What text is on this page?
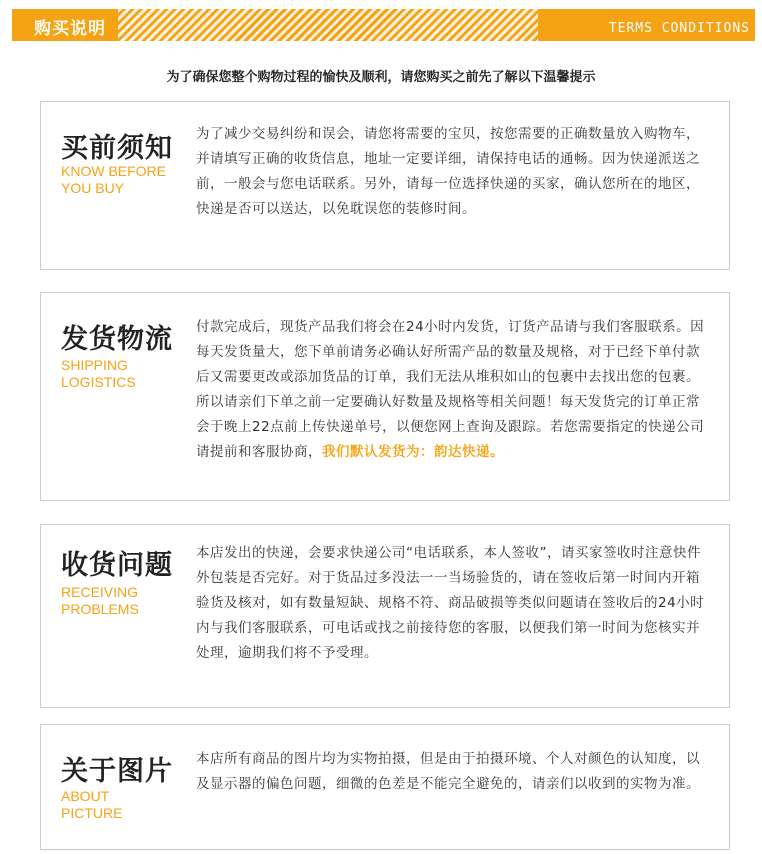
购买说明	TERMS CONDITIONS
为了确保您整个购物过程的愉快及顺利，请您购买之前先了解以下温馨提示
买前须知
KNOW BEFORE
YOU BUY
为了减少交易纠纷和误会，请您将需要的宝贝，按您需要的正确数量放入购物车，并请填写正确的收货信息，地址一定要详细，请保持电话的通畅。因为快递派送之前，一般会与您电话联系。另外，请每一位选择快递的买家，确认您所在的地区，快递是否可以送达，以免耽误您的装修时间。
发货物流
SHIPPING
LOGISTICS
付款完成后，现货产品我们将会在24小时内发货，订货产品请与我们客服联系。因每天发货量大，您下单前请务必确认好所需产品的数量及规格，对于已经下单付款后又需要更改或添加货品的订单，我们无法从堆积如山的包裹中去找出您的包裹。所以请亲们下单之前一定要确认好数量及规格等相关问题！每天发货完的订单正常会于晚上22点前上传快递单号，以便您网上查询及跟踪。若您需要指定的快递公司请提前和客服协商，我们默认发货为：韵达快递。
收货问题
RECEIVING
PROBLEMS
本店发出的快递，会要求快递公司“电话联系，本人签收”，请买家签收时注意快件外包装是否完好。对于货品过多没法一一当场验货的，请在签收后第一时间内开箱验货及核对，如有数量短缺、规格不符、商品破损等类似问题请在签收后的24小时内与我们客服联系，可电话或找之前接待您的客服，以便我们第一时间为您核实并处理，逾期我们将不予受理。
关于图片
ABOUT
PICTURE
本店所有商品的图片均为实物拍摄，但是由于拍摄环境、个人对颜色的认知度，以及显示器的偏色问题，细微的色差是不能完全避免的，请亲们以收到的实物为准。
